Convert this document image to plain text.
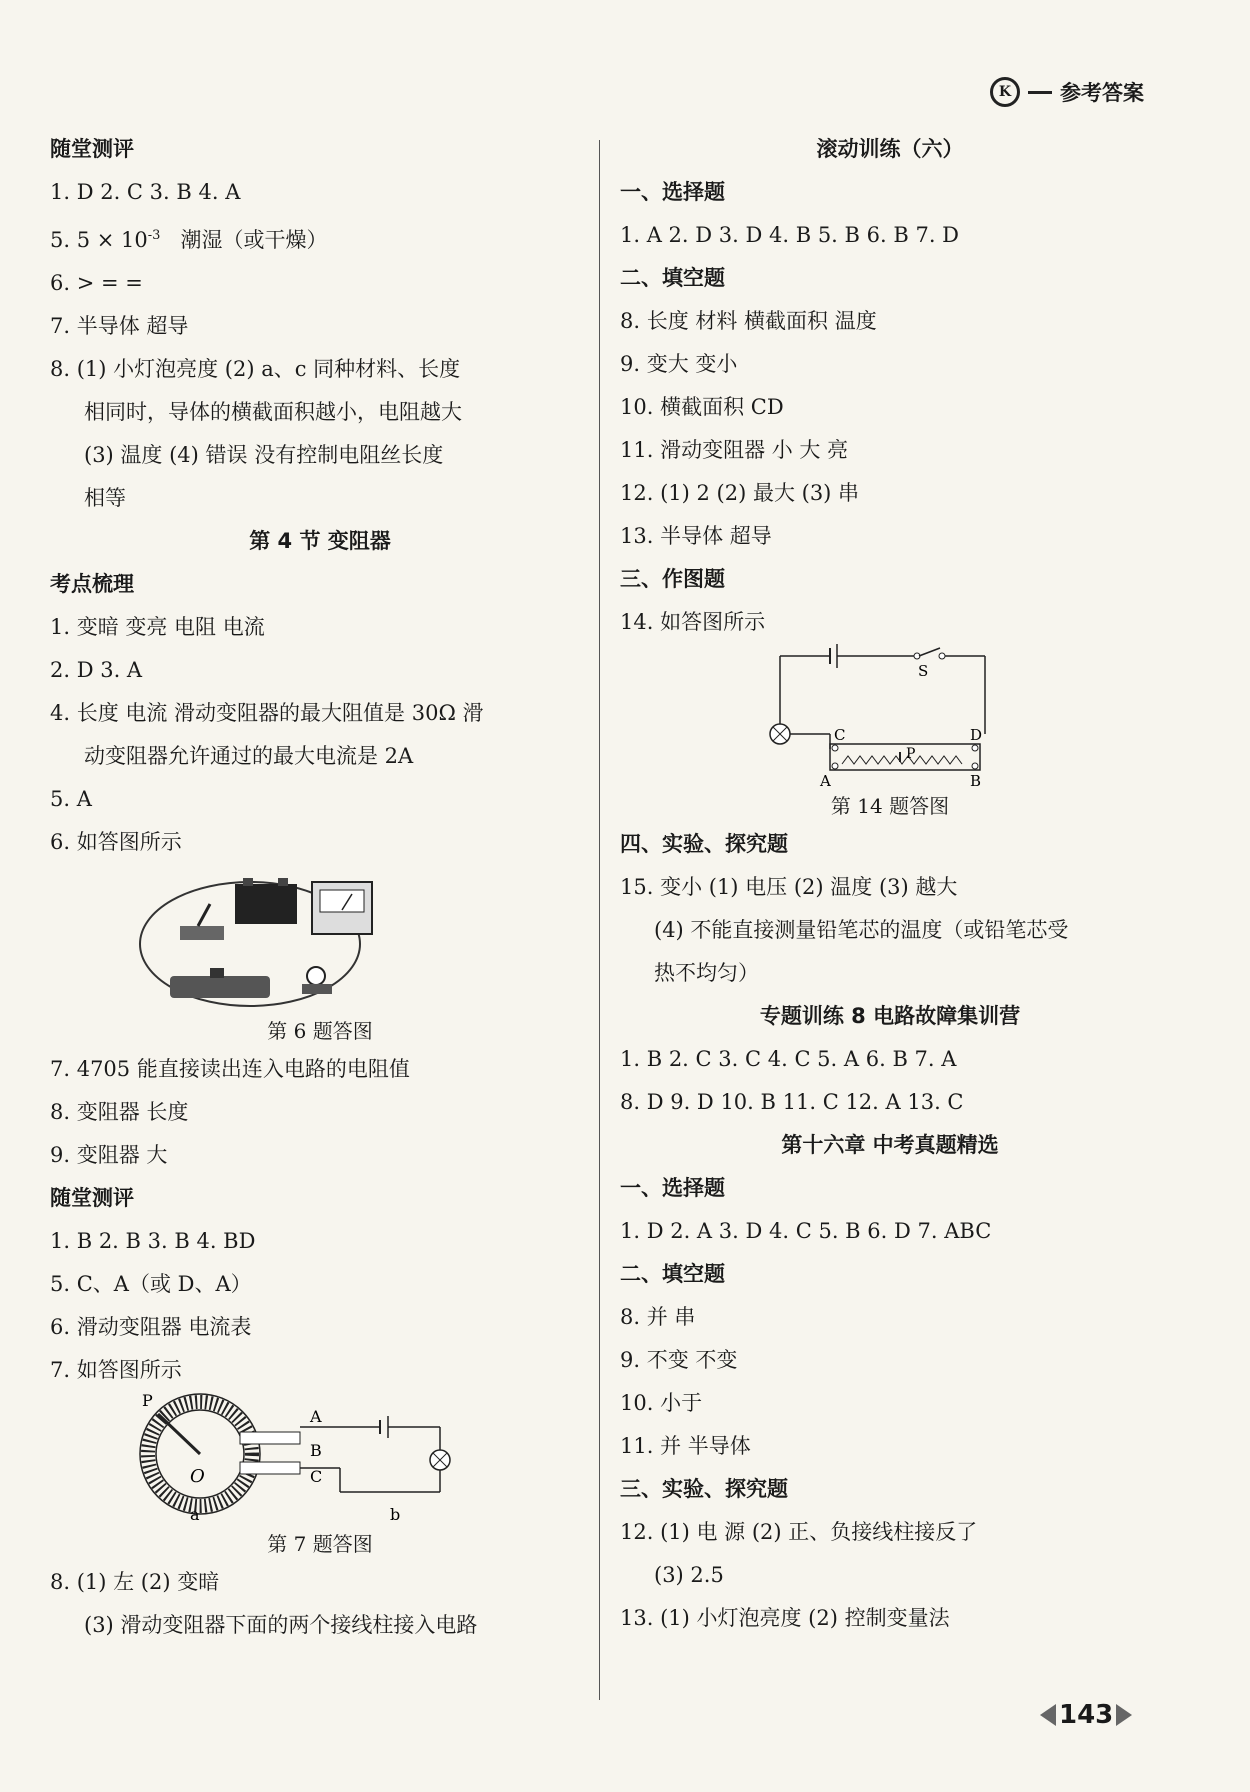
K	参考答案
随堂测评
1. D 2. C 3. B 4. A
5. $5 \times 10^{-3}$ 潮湿（或干燥）
6. > = =
7. 半导体 超导
8. (1) 小灯泡亮度 (2) a、c 同种材料、长度
相同时，导体的横截面积越小，电阻越大
(3) 温度 (4) 错误 没有控制电阻丝长度
相等
第 4 节 变阻器
考点梳理
1. 变暗 变亮 电阻 电流
2. D 3. A
4. 长度 电流 滑动变阻器的最大阻值是 30Ω 滑
动变阻器允许通过的最大电流是 2A
5. A
6. 如答图所示
第 6 题答图
7. 4705 能直接读出连入电路的电阻值
8. 变阻器 长度
9. 变阻器 大
随堂测评
1. B 2. B 3. B 4. BD
5. C、A（或 D、A）
6. 滑动变阻器 电流表
7. 如答图所示
P
A
B
C
O
a	b
第 7 题答图
8. (1) 左 (2) 变暗
(3) 滑动变阻器下面的两个接线柱接入电路
滚动训练（六）
一、选择题
1. A 2. D 3. D 4. B 5. B 6. B 7. D
二、填空题
8. 长度 材料 横截面积 温度
9. 变大 变小
10. 横截面积 CD
11. 滑动变阻器 小 大 亮
12. (1) 2 (2) 最大 (3) 串
13. 半导体 超导
三、作图题
14. 如答图所示
S
C	D
P
A	B
第 14 题答图
四、实验、探究题
15. 变小 (1) 电压 (2) 温度 (3) 越大
(4) 不能直接测量铅笔芯的温度（或铅笔芯受
热不均匀）
专题训练 8 电路故障集训营
1. B 2. C 3. C 4. C 5. A 6. B 7. A
8. D 9. D 10. B 11. C 12. A 13. C
第十六章 中考真题精选
一、选择题
1. D 2. A 3. D 4. C 5. B 6. D 7. ABC
二、填空题
8. 并 串
9. 不变 不变
10. 小于
11. 并 半导体
三、实验、探究题
12. (1) 电 源 (2) 正、负接线柱接反了
(3) 2.5
13. (1) 小灯泡亮度 (2) 控制变量法
143
